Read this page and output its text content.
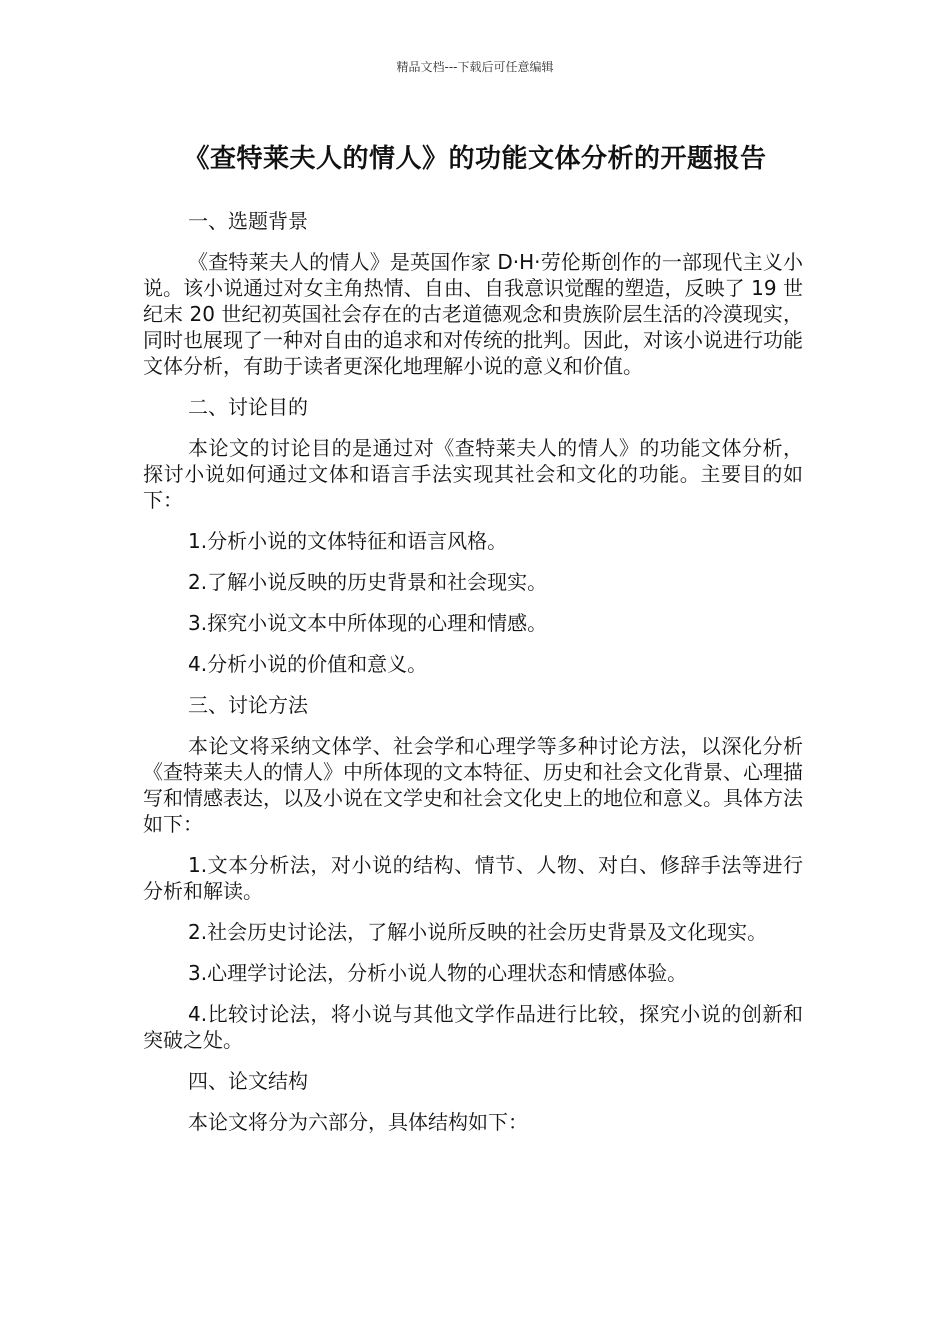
精品文档---下载后可任意编辑
《查特莱夫人的情人》的功能文体分析的开题报告

一、选题背景

《查特莱夫人的情人》是英国作家 D·H·劳伦斯创作的一部现代主义小说。该小说通过对女主角热情、自由、自我意识觉醒的塑造，反映了 19 世纪末 20 世纪初英国社会存在的古老道德观念和贵族阶层生活的冷漠现实，同时也展现了一种对自由的追求和对传统的批判。因此，对该小说进行功能文体分析，有助于读者更深化地理解小说的意义和价值。

二、讨论目的

本论文的讨论目的是通过对《查特莱夫人的情人》的功能文体分析，探讨小说如何通过文体和语言手法实现其社会和文化的功能。主要目的如下：

1.分析小说的文体特征和语言风格。

2.了解小说反映的历史背景和社会现实。

3.探究小说文本中所体现的心理和情感。

4.分析小说的价值和意义。

三、讨论方法

本论文将采纳文体学、社会学和心理学等多种讨论方法，以深化分析《查特莱夫人的情人》中所体现的文本特征、历史和社会文化背景、心理描写和情感表达，以及小说在文学史和社会文化史上的地位和意义。具体方法如下：

1.文本分析法，对小说的结构、情节、人物、对白、修辞手法等进行分析和解读。

2.社会历史讨论法，了解小说所反映的社会历史背景及文化现实。

3.心理学讨论法，分析小说人物的心理状态和情感体验。

4.比较讨论法，将小说与其他文学作品进行比较，探究小说的创新和突破之处。

四、论文结构

本论文将分为六部分，具体结构如下：
